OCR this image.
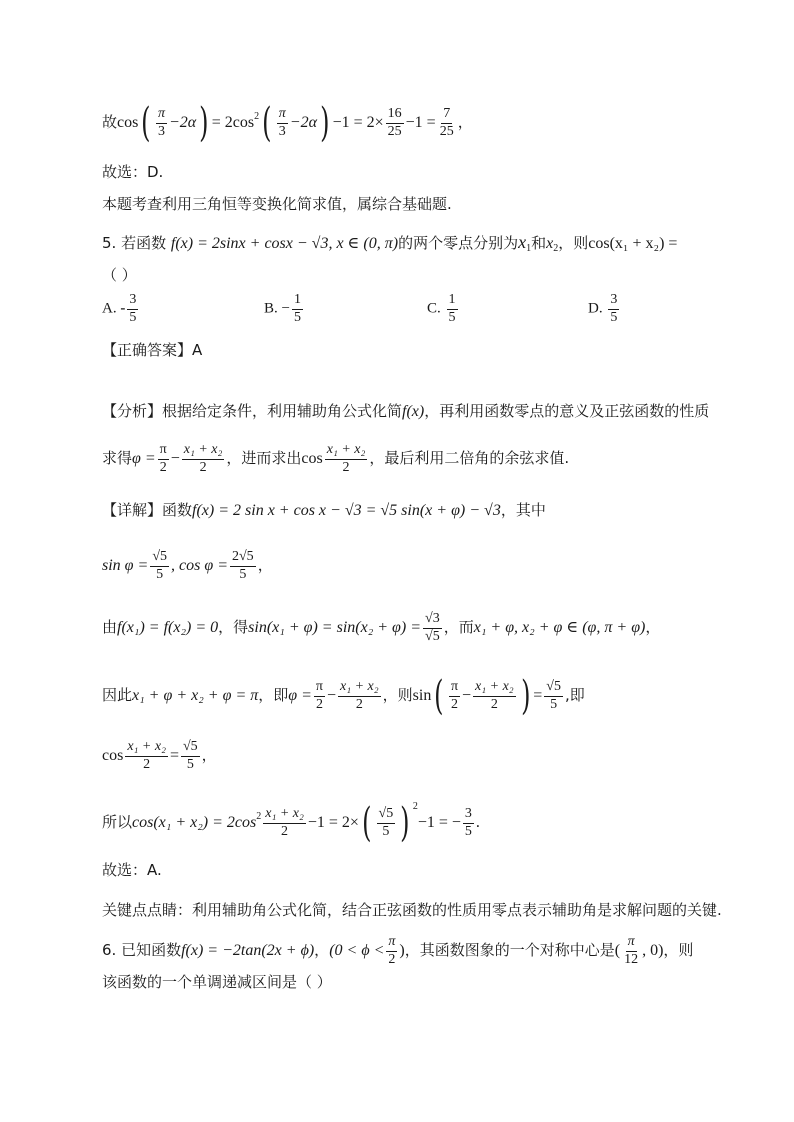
故$\cos( \frac{\pi}{3} -2\alpha) = 2\cos^2( \frac{\pi}{3} -2\alpha) -1 = 2\times \frac{16}{25} -1 = \frac{7}{25}$ ，
故选：D.
本题考查利用三角恒等变换化简求值，属综合基础题.
5. 若函数 f(x) = 2sinx + cosx − √3, x ∈ (0, π)的两个零点分别为$x_1$和$x_2$，则cos(x₁ + x₂) =
（ ）
A. - $\frac{3}{5}$	B. − $\frac{1}{5}$	C. $\frac{1}{5}$	D. $\frac{3}{5}$
【正确答案】A
【分析】根据给定条件，利用辅助角公式化简f(x)，再利用函数零点的意义及正弦函数的性质
求得$\varphi = \frac{\pi}{2} - \frac{\text{x₁ + x₂}}{2}$ ，进而求出$\cos \frac{\text{x₁ + x₂}}{2}$ ，最后利用二倍角的余弦求值.
【详解】函数f(x) = 2 sin x + cos x − √3 = √5 sin(x + φ) − √3，其中
$\sin \varphi = \frac{√5}{5}$ , $\cos \varphi = \frac{2√5}{5}$ ，
由f(x₁) = f(x₂) = 0，得$\sin(x_1 + \varphi) = \sin(x_2 + \varphi) = \frac{√3}{√5}$ ，而x₁ + φ, x₂ + φ ∈ (φ, π + φ)，
因此x₁ + φ + x₂ + φ = π，即$\varphi = \frac{\pi}{2} - \frac{\text{x₁ + x₂}}{2}$ ，则$\sin( \frac{\pi}{2} - \frac{\text{x₁ + x₂}}{2}$ ) = $\frac{√5}{5}$ ,即
$\cos \frac{\text{x₁ + x₂}}{2} = \frac{√5}{5}$ ，
所以$\cos(x_1 + x_2) = 2\cos^2 \frac{\text{x₁ + x₂}}{2} -1 = 2\times( \frac{√5}{5}$ ) $^2$−1 = − $\frac{3}{5}$ .
故选：A.
关键点点睛：利用辅助角公式化简，结合正弦函数的性质用零点表示辅助角是求解问题的关键.
6. 已知函数f(x) = −2tan(2x + ϕ)，($0 < \phi < \frac{\pi}{2}$ )，其函数图象的一个对称中心是( $\frac{\pi}{12}$ , 0)，则
该函数的一个单调递减区间是（ ）
